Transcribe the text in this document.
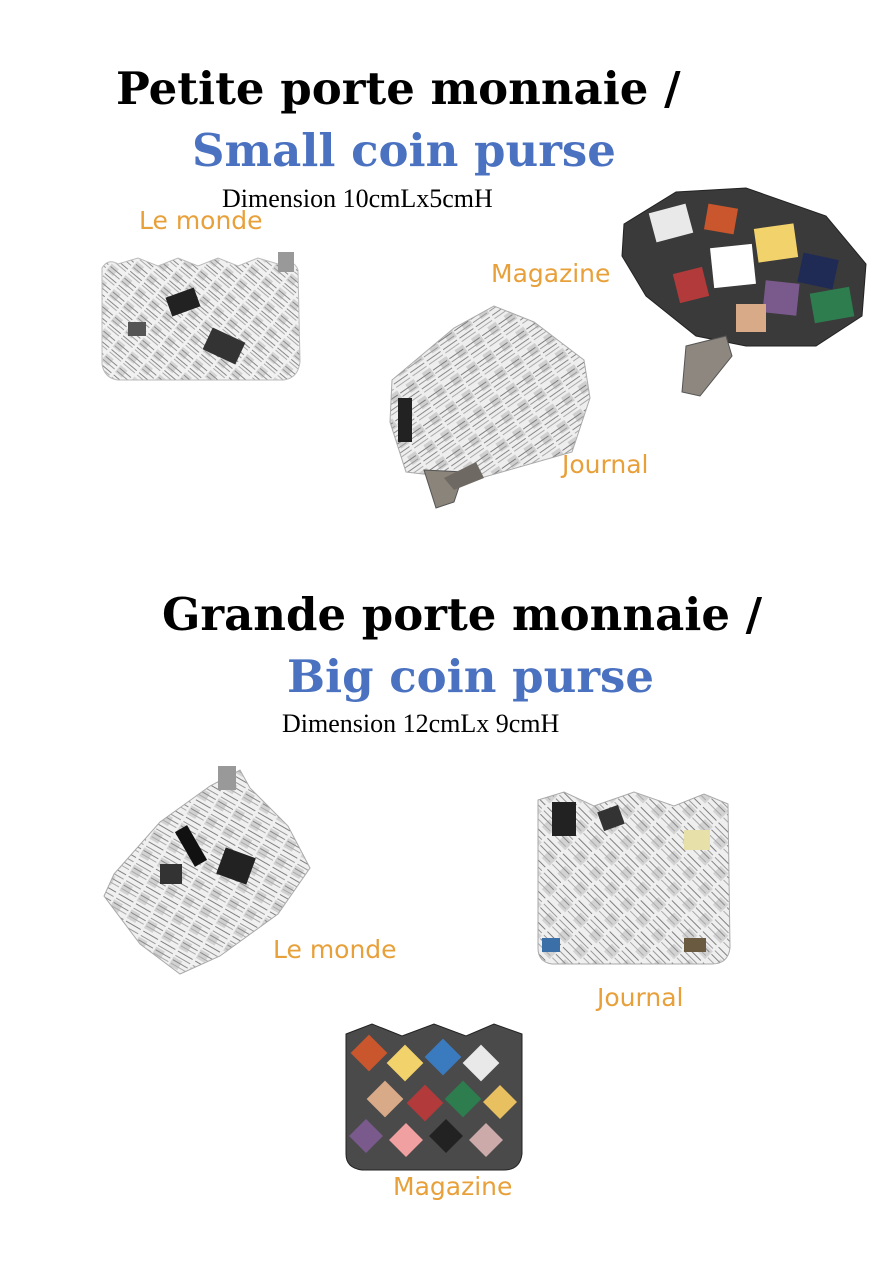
Petite porte monnaie /
Small coin purse
Dimension 10cmLx5cmH
Le monde
Magazine
Journal
Grande porte monnaie /
Big coin purse
Dimension 12cmLx 9cmH
Le monde
Journal
Magazine
